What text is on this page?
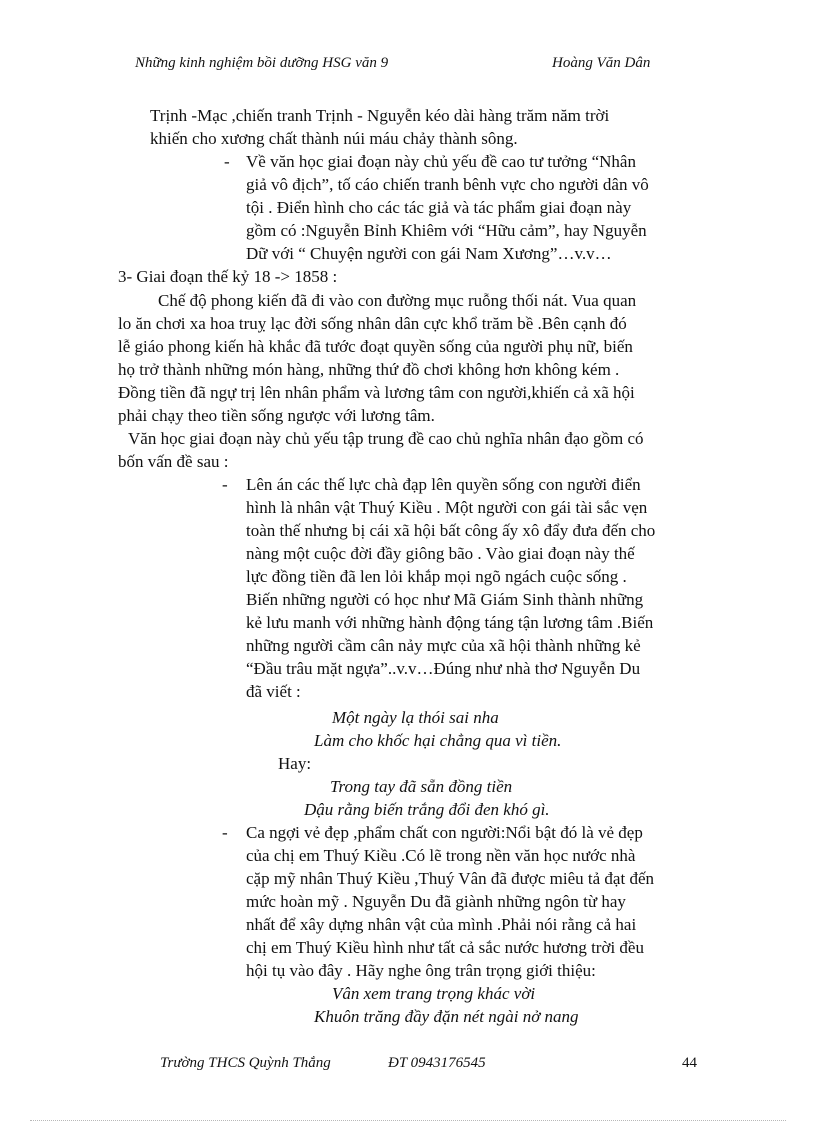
Những kinh nghiệm bồi dưỡng HSG văn 9	Hoàng Văn Dân
Trịnh -Mạc ,chiến tranh Trịnh - Nguyễn kéo dài hàng trăm năm trời
khiến cho xương chất thành núi máu chảy thành sông.
- Về văn học giai đoạn này chủ yếu đề cao tư tưởng “Nhân
giả vô địch”, tố cáo chiến tranh bênh vực cho người dân vô
tội . Điển hình cho các tác giả và tác phẩm giai đoạn này
gồm có :Nguyễn Bỉnh Khiêm với “Hữu cảm”, hay Nguyễn
Dữ với “ Chuyện người con gái Nam Xương”…v.v…
3- Giai đoạn thế kỷ 18 -> 1858 :
Chế độ phong kiến đã đi vào con đường mục ruỗng thối nát. Vua quan
lo ăn chơi xa hoa truỵ lạc đời sống nhân dân cực khổ trăm bề .Bên cạnh đó
lễ giáo phong kiến hà khắc đã tước đoạt quyền sống của người phụ nữ, biến
họ trở thành những món hàng, những thứ đồ chơi không hơn không kém .
Đồng tiền đã ngự trị lên nhân phẩm và lương tâm con người,khiến cả xã hội
phải chạy theo tiền sống ngược với lương tâm.
Văn học giai đoạn này chủ yếu tập trung đề cao chủ nghĩa nhân đạo gồm có
bốn vấn đề sau :
- Lên án các thế lực chà đạp lên quyền sống con người điển
hình là nhân vật Thuý Kiều . Một người con gái tài sắc vẹn
toàn thế nhưng bị cái xã hội bất công ấy xô đẩy đưa đến cho
nàng một cuộc đời đầy giông bão . Vào giai đoạn này thế
lực đồng tiền đã len lỏi khắp mọi ngõ ngách cuộc sống .
Biến những người có học như Mã Giám Sinh thành những
kẻ lưu manh với những hành động táng tận lương tâm .Biến
những người cầm cân nảy mực của xã hội thành những kẻ
“Đầu trâu mặt ngựa”..v.v…Đúng như nhà thơ Nguyễn Du
đã viết :
Một ngày lạ thói sai nha
Làm cho khốc hại chẳng qua vì tiền.
Hay:
Trong tay đã sẵn đồng tiền
Dậu rằng biến trắng đổi đen khó gì.
- Ca ngợi vẻ đẹp ,phẩm chất con người:Nổi bật đó là vẻ đẹp
của chị em Thuý Kiều .Có lẽ trong nền văn học nước nhà
cặp mỹ nhân Thuý Kiều ,Thuý Vân đã được miêu tả đạt đến
mức hoàn mỹ . Nguyễn Du đã giành những ngôn từ hay
nhất để xây dựng nhân vật của mình .Phải nói rằng cả hai
chị em Thuý Kiều hình như tất cả sắc nước hương trời đều
hội tụ vào đây . Hãy nghe ông trân trọng giới thiệu:
Vân xem trang trọng khác vời
Khuôn trăng đầy đặn nét ngài nở nang
Trường THCS Quỳnh Thắng	ĐT 0943176545	44
